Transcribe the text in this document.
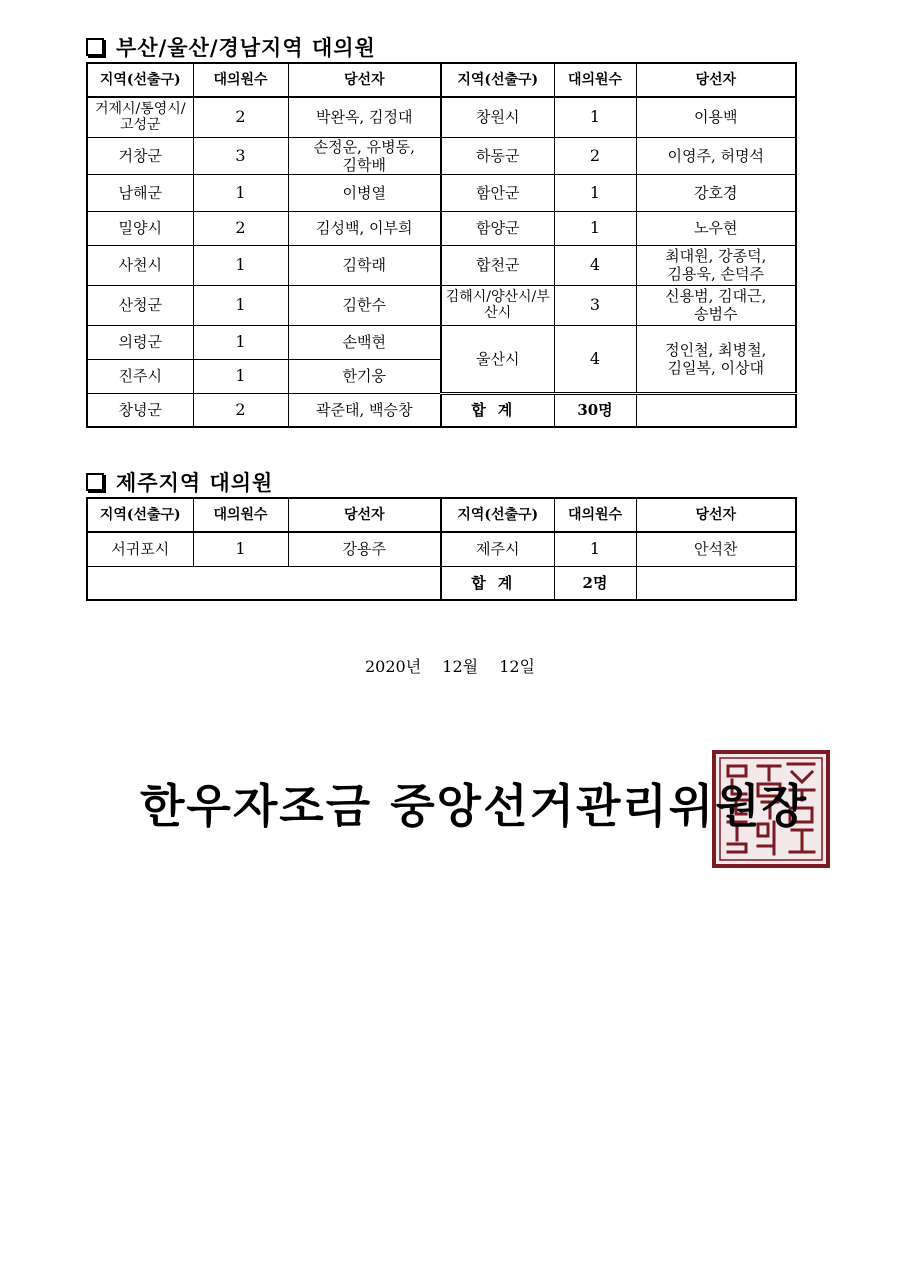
부산/울산/경남지역 대의원
지역(선출구)	대의원수	당선자	지역(선출구)	대의원수	당선자
거제시/통영시/고성군	2	박완옥, 김정대	창원시	1	이용백
거창군	3	손정운, 유병동, 김학배	하동군	2	이영주, 허명석
남해군	1	이병열	함안군	1	강호경
밀양시	2	김성백, 이부희	함양군	1	노우현
사천시	1	김학래	합천군	4	최대원, 강종덕, 김용욱, 손덕주
산청군	1	김한수	김해시/양산시/부산시	3	신용범, 김대근, 송범수
의령군	1	손백현	울산시	4	정인철, 최병철, 김일복, 이상대
진주시	1	한기웅			
창녕군	2	곽준태, 백승창	합계	30명	
제주지역 대의원
지역(선출구)	대의원수	당선자	지역(선출구)	대의원수	당선자
서귀포시	1	강용주	제주시	1	안석찬
			합계	2명	
2020년 12월 12일
한우자조금 중앙선거관리위원장
